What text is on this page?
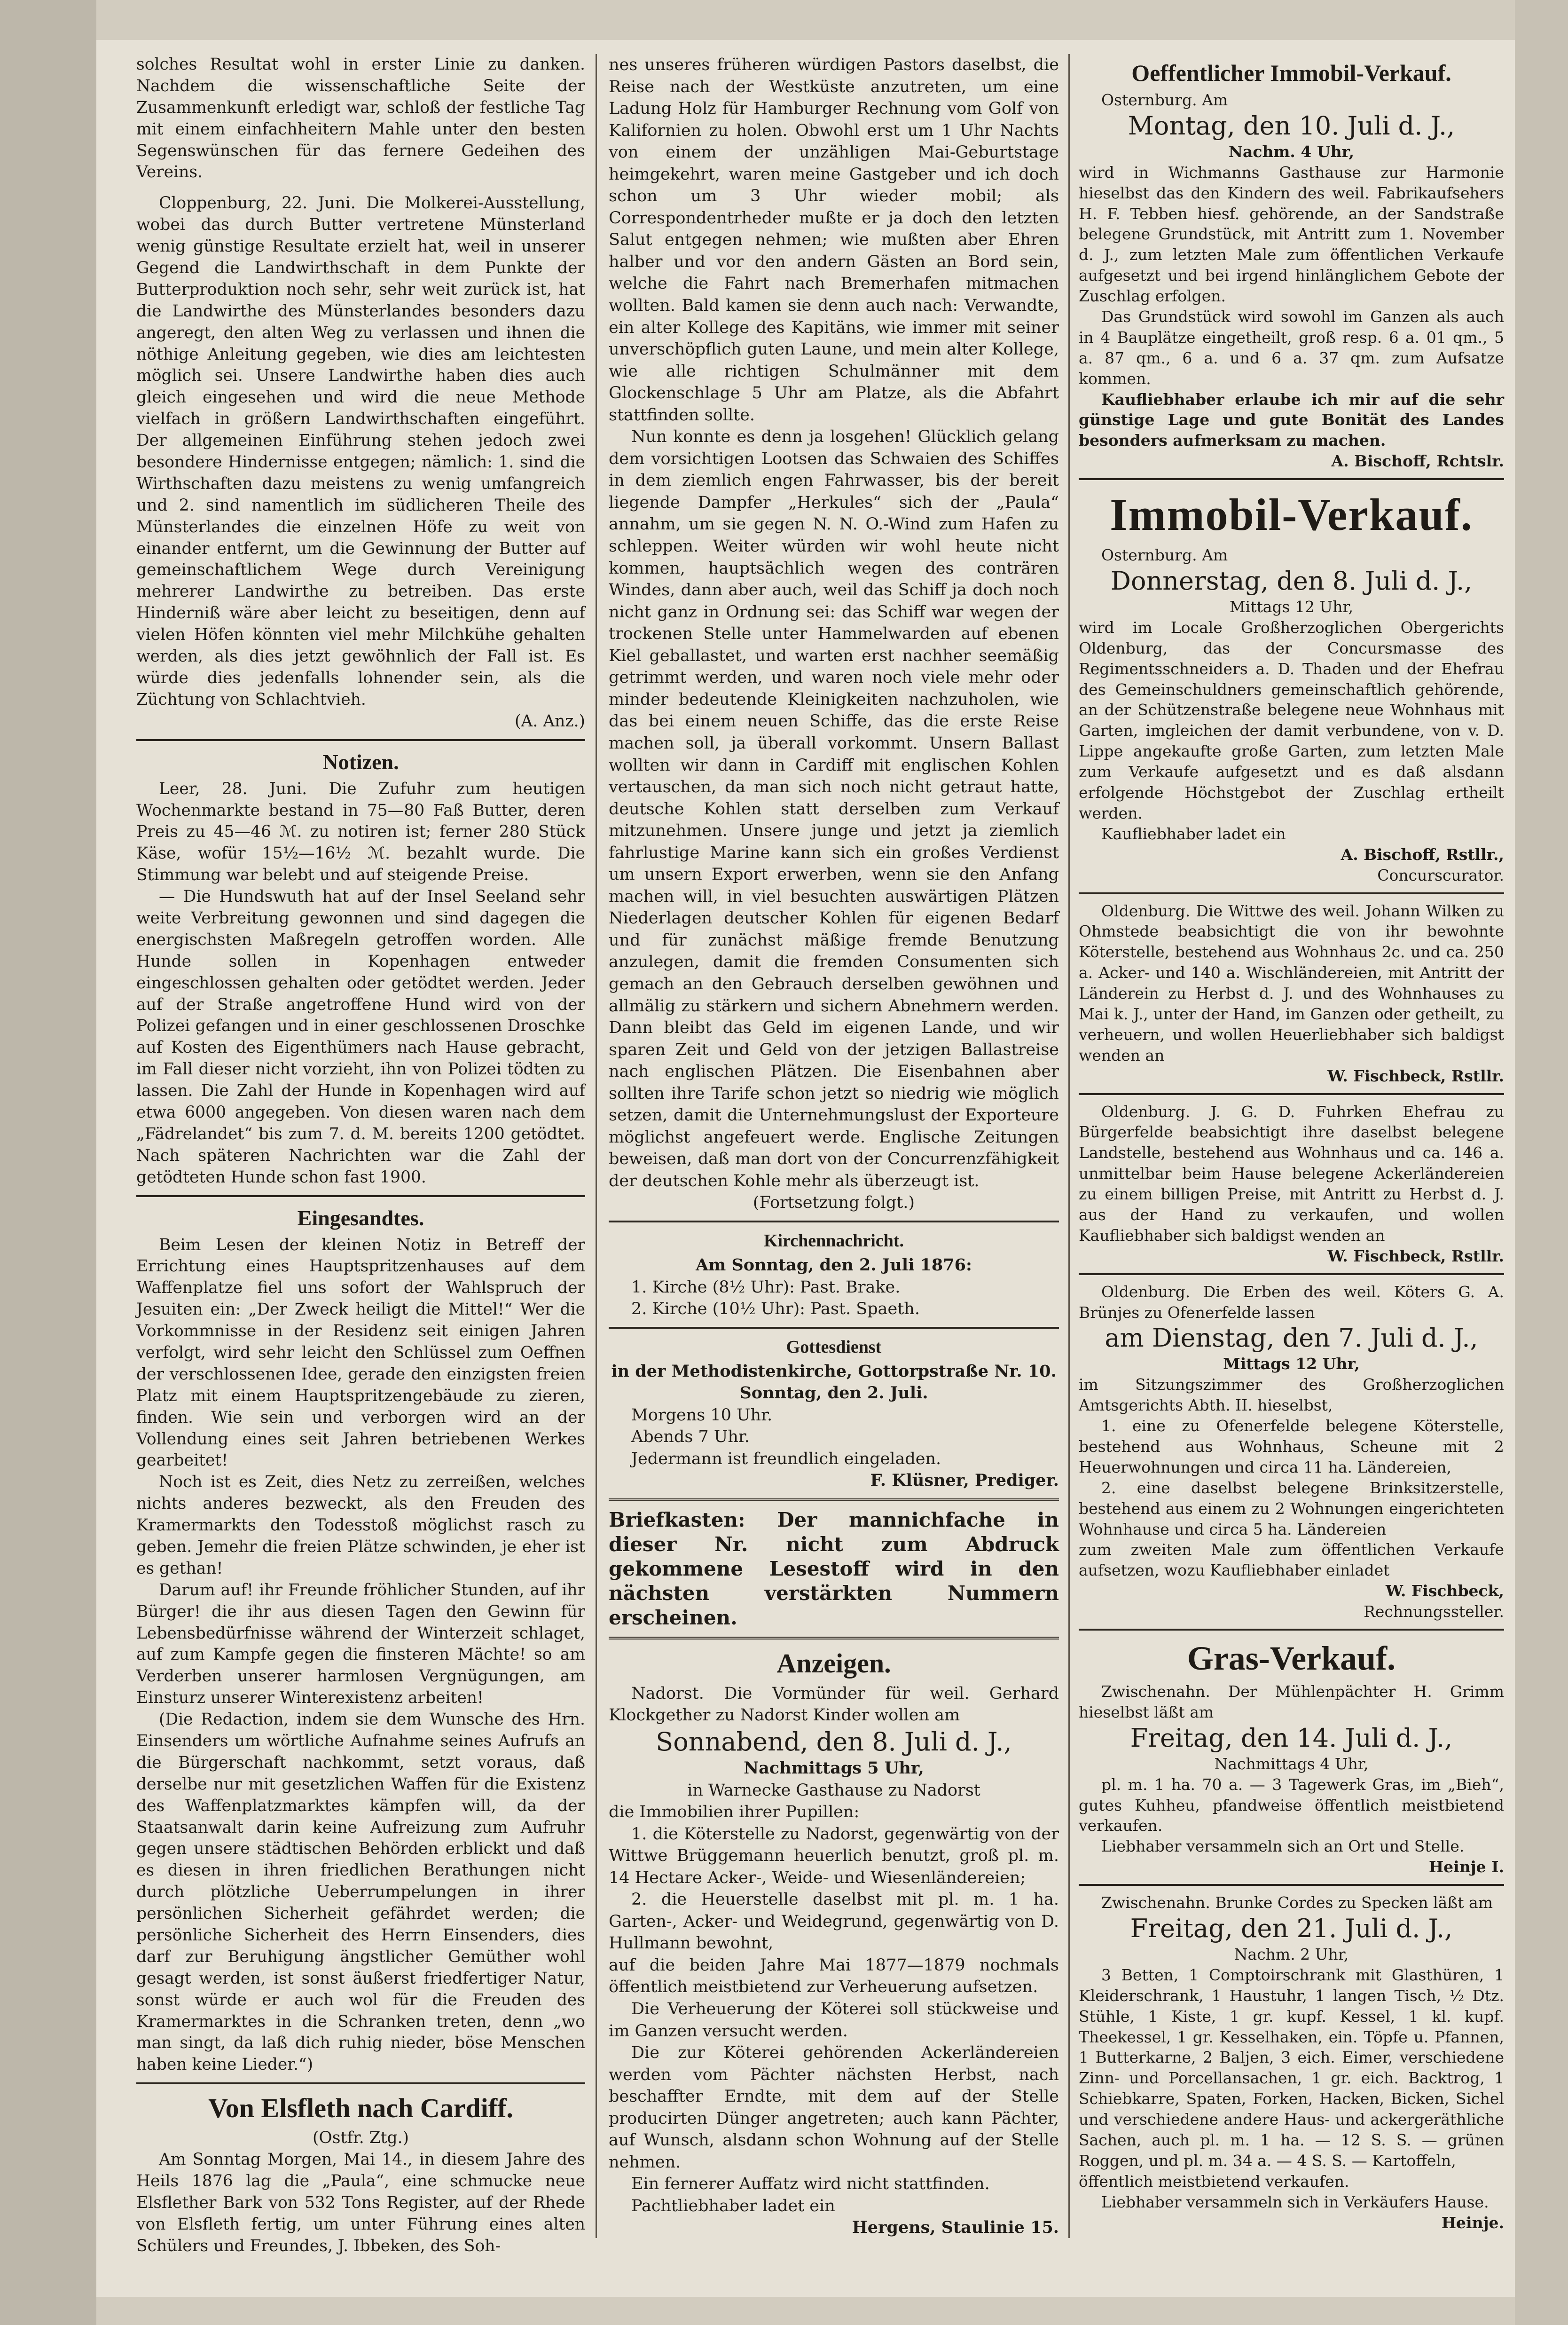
solches Resultat wohl in erster Linie zu danken. Nachdem die wissenschaftliche Seite der Zusammenkunft erledigt war, schloß der festliche Tag mit einem einfachheitern Mahle unter den besten Segenswünschen für das fernere Gedeihen des Vereins.

Cloppenburg, 22. Juni. Die Molkerei-Ausstellung, wobei das durch Butter vertretene Münsterland wenig günstige Resultate erzielt hat, weil in unserer Gegend die Landwirthschaft in dem Punkte der Butterproduktion noch sehr, sehr weit zurück ist, hat die Landwirthe des Münsterlandes besonders dazu angeregt, den alten Weg zu verlassen und ihnen die nöthige Anleitung gegeben, wie dies am leichtesten möglich sei. Unsere Landwirthe haben dies auch gleich eingesehen und wird die neue Methode vielfach in größern Landwirthschaften eingeführt. Der allgemeinen Einführung stehen jedoch zwei besondere Hindernisse entgegen; nämlich: 1. sind die Wirthschaften dazu meistens zu wenig umfangreich und 2. sind namentlich im südlicheren Theile des Münsterlandes die einzelnen Höfe zu weit von einander entfernt, um die Gewinnung der Butter auf gemeinschaftlichem Wege durch Vereinigung mehrerer Landwirthe zu betreiben. Das erste Hinderniß wäre aber leicht zu beseitigen, denn auf vielen Höfen könnten viel mehr Milchkühe gehalten werden, als dies jetzt gewöhnlich der Fall ist. Es würde dies jedenfalls lohnender sein, als die Züchtung von Schlachtvieh.

(A. Anz.)

Notizen.

Leer, 28. Juni. Die Zufuhr zum heutigen Wochenmarkte bestand in 75—80 Faß Butter, deren Preis zu 45—46 ℳ. zu notiren ist; ferner 280 Stück Käse, wofür 15½—16½ ℳ. bezahlt wurde. Die Stimmung war belebt und auf steigende Preise.

— Die Hundswuth hat auf der Insel Seeland sehr weite Verbreitung gewonnen und sind dagegen die energischsten Maßregeln getroffen worden. Alle Hunde sollen in Kopenhagen entweder eingeschlossen gehalten oder getödtet werden. Jeder auf der Straße angetroffene Hund wird von der Polizei gefangen und in einer geschlossenen Droschke auf Kosten des Eigenthümers nach Hause gebracht, im Fall dieser nicht vorzieht, ihn von Polizei tödten zu lassen. Die Zahl der Hunde in Kopenhagen wird auf etwa 6000 angegeben. Von diesen waren nach dem „Fädrelandet“ bis zum 7. d. M. bereits 1200 getödtet. Nach späteren Nachrichten war die Zahl der getödteten Hunde schon fast 1900.

Eingesandtes.

Beim Lesen der kleinen Notiz in Betreff der Errichtung eines Hauptspritzenhauses auf dem Waffenplatze fiel uns sofort der Wahlspruch der Jesuiten ein: „Der Zweck heiligt die Mittel!“ Wer die Vorkommnisse in der Residenz seit einigen Jahren verfolgt, wird sehr leicht den Schlüssel zum Oeffnen der verschlossenen Idee, gerade den einzigsten freien Platz mit einem Hauptspritzengebäude zu zieren, finden. Wie sein und verborgen wird an der Vollendung eines seit Jahren betriebenen Werkes gearbeitet!

Noch ist es Zeit, dies Netz zu zerreißen, welches nichts anderes bezweckt, als den Freuden des Kramermarkts den Todesstoß möglichst rasch zu geben. Jemehr die freien Plätze schwinden, je eher ist es gethan!

Darum auf! ihr Freunde fröhlicher Stunden, auf ihr Bürger! die ihr aus diesen Tagen den Gewinn für Lebensbedürfnisse während der Winterzeit schlaget, auf zum Kampfe gegen die finsteren Mächte! so am Verderben unserer harmlosen Vergnügungen, am Einsturz unserer Winterexistenz arbeiten!

(Die Redaction, indem sie dem Wunsche des Hrn. Einsenders um wörtliche Aufnahme seines Aufrufs an die Bürgerschaft nachkommt, setzt voraus, daß derselbe nur mit gesetzlichen Waffen für die Existenz des Waffenplatzmarktes kämpfen will, da der Staatsanwalt darin keine Aufreizung zum Aufruhr gegen unsere städtischen Behörden erblickt und daß es diesen in ihren friedlichen Berathungen nicht durch plötzliche Ueberrumpelungen in ihrer persönlichen Sicherheit gefährdet werden; die persönliche Sicherheit des Herrn Einsenders, dies darf zur Beruhigung ängstlicher Gemüther wohl gesagt werden, ist sonst äußerst friedfertiger Natur, sonst würde er auch wol für die Freuden des Kramermarktes in die Schranken treten, denn „wo man singt, da laß dich ruhig nieder, böse Menschen haben keine Lieder.“)

Von Elsfleth nach Cardiff.

(Ostfr. Ztg.)

Am Sonntag Morgen, Mai 14., in diesem Jahre des Heils 1876 lag die „Paula“, eine schmucke neue Elsflether Bark von 532 Tons Register, auf der Rhede von Elsfleth fertig, um unter Führung eines alten Schülers und Freundes, J. Ibbeken, des Soh-

nes unseres früheren würdigen Pastors daselbst, die Reise nach der Westküste anzutreten, um eine Ladung Holz für Hamburger Rechnung vom Golf von Kalifornien zu holen. Obwohl erst um 1 Uhr Nachts von einem der unzähligen Mai-Geburtstage heimgekehrt, waren meine Gastgeber und ich doch schon um 3 Uhr wieder mobil; als Correspondentrheder mußte er ja doch den letzten Salut entgegen nehmen; wie mußten aber Ehren halber und vor den andern Gästen an Bord sein, welche die Fahrt nach Bremerhafen mitmachen wollten. Bald kamen sie denn auch nach: Verwandte, ein alter Kollege des Kapitäns, wie immer mit seiner unverschöpflich guten Laune, und mein alter Kollege, wie alle richtigen Schulmänner mit dem Glockenschlage 5 Uhr am Platze, als die Abfahrt stattfinden sollte.

Nun konnte es denn ja losgehen! Glücklich gelang dem vorsichtigen Lootsen das Schwaien des Schiffes in dem ziemlich engen Fahrwasser, bis der bereit liegende Dampfer „Herkules“ sich der „Paula“ annahm, um sie gegen N. N. O.-Wind zum Hafen zu schleppen. Weiter würden wir wohl heute nicht kommen, hauptsächlich wegen des conträren Windes, dann aber auch, weil das Schiff ja doch noch nicht ganz in Ordnung sei: das Schiff war wegen der trockenen Stelle unter Hammelwarden auf ebenen Kiel geballastet, und warten erst nachher seemäßig getrimmt werden, und waren noch viele mehr oder minder bedeutende Kleinigkeiten nachzuholen, wie das bei einem neuen Schiffe, das die erste Reise machen soll, ja überall vorkommt. Unsern Ballast wollten wir dann in Cardiff mit englischen Kohlen vertauschen, da man sich noch nicht getraut hatte, deutsche Kohlen statt derselben zum Verkauf mitzunehmen. Unsere junge und jetzt ja ziemlich fahrlustige Marine kann sich ein großes Verdienst um unsern Export erwerben, wenn sie den Anfang machen will, in viel besuchten auswärtigen Plätzen Niederlagen deutscher Kohlen für eigenen Bedarf und für zunächst mäßige fremde Benutzung anzulegen, damit die fremden Consumenten sich gemach an den Gebrauch derselben gewöhnen und allmälig zu stärkern und sichern Abnehmern werden. Dann bleibt das Geld im eigenen Lande, und wir sparen Zeit und Geld von der jetzigen Ballastreise nach englischen Plätzen. Die Eisenbahnen aber sollten ihre Tarife schon jetzt so niedrig wie möglich setzen, damit die Unternehmungslust der Exporteure möglichst angefeuert werde. Englische Zeitungen beweisen, daß man dort von der Concurrenzfähigkeit der deutschen Kohle mehr als überzeugt ist.

(Fortsetzung folgt.)

Kirchennachricht.

Am Sonntag, den 2. Juli 1876:

1. Kirche (8½ Uhr): Past. Brake.

2. Kirche (10½ Uhr): Past. Spaeth.

Gottesdienst

in der Methodistenkirche, Gottorpstraße Nr. 10.

Sonntag, den 2. Juli.

Morgens 10 Uhr.

Abends 7 Uhr.

Jedermann ist freundlich eingeladen.

F. Klüsner, Prediger.

Briefkasten: Der mannichfache in dieser Nr. nicht zum Abdruck gekommene Lesestoff wird in den nächsten verstärkten Nummern erscheinen.

Anzeigen.

Nadorst. Die Vormünder für weil. Gerhard Klockgether zu Nadorst Kinder wollen am

Sonnabend, den 8. Juli d. J.,

Nachmittags 5 Uhr,

in Warnecke Gasthause zu Nadorst

die Immobilien ihrer Pupillen:

1. die Köterstelle zu Nadorst, gegenwärtig von der Wittwe Brüggemann heuerlich benutzt, groß pl. m. 14 Hectare Acker-, Weide- und Wiesenländereien;

2. die Heuerstelle daselbst mit pl. m. 1 ha. Garten-, Acker- und Weidegrund, gegenwärtig von D. Hullmann bewohnt,

auf die beiden Jahre Mai 1877—1879 nochmals öffentlich meistbietend zur Verheuerung aufsetzen.

Die Verheuerung der Köterei soll stückweise und im Ganzen versucht werden.

Die zur Köterei gehörenden Ackerländereien werden vom Pächter nächsten Herbst, nach beschaffter Erndte, mit dem auf der Stelle producirten Dünger angetreten; auch kann Pächter, auf Wunsch, alsdann schon Wohnung auf der Stelle nehmen.

Ein fernerer Auffatz wird nicht stattfinden.

Pachtliebhaber ladet ein

Hergens, Staulinie 15.

Oeffentlicher Immobil-Verkauf.

Osternburg. Am

Montag, den 10. Juli d. J.,

Nachm. 4 Uhr,

wird in Wichmanns Gasthause zur Harmonie hieselbst das den Kindern des weil. Fabrikaufsehers H. F. Tebben hiesf. gehörende, an der Sandstraße belegene Grundstück, mit Antritt zum 1. November d. J., zum letzten Male zum öffentlichen Verkaufe aufgesetzt und bei irgend hinlänglichem Gebote der Zuschlag erfolgen.

Das Grundstück wird sowohl im Ganzen als auch in 4 Bauplätze eingetheilt, groß resp. 6 a. 01 qm., 5 a. 87 qm., 6 a. und 6 a. 37 qm. zum Aufsatze kommen.

Kaufliebhaber erlaube ich mir auf die sehr günstige Lage und gute Bonität des Landes besonders aufmerksam zu machen.

A. Bischoff, Rchtslr.

Immobil-Verkauf.

Osternburg. Am

Donnerstag, den 8. Juli d. J.,

Mittags 12 Uhr,

wird im Locale Großherzoglichen Obergerichts Oldenburg, das der Concursmasse des Regimentsschneiders a. D. Thaden und der Ehefrau des Gemeinschuldners gemeinschaftlich gehörende, an der Schützenstraße belegene neue Wohnhaus mit Garten, imgleichen der damit verbundene, von v. D. Lippe angekaufte große Garten, zum letzten Male zum Verkaufe aufgesetzt und es daß alsdann erfolgende Höchstgebot der Zuschlag ertheilt werden.

Kaufliebhaber ladet ein

A. Bischoff, Rstllr.,

Concurscurator.

Oldenburg. Die Wittwe des weil. Johann Wilken zu Ohmstede beabsichtigt die von ihr bewohnte Köterstelle, bestehend aus Wohnhaus 2c. und ca. 250 a. Acker- und 140 a. Wischländereien, mit Antritt der Länderein zu Herbst d. J. und des Wohnhauses zu Mai k. J., unter der Hand, im Ganzen oder getheilt, zu verheuern, und wollen Heuerliebhaber sich baldigst wenden an

W. Fischbeck, Rstllr.

Oldenburg. J. G. D. Fuhrken Ehefrau zu Bürgerfelde beabsichtigt ihre daselbst belegene Landstelle, bestehend aus Wohnhaus und ca. 146 a. unmittelbar beim Hause belegene Ackerländereien zu einem billigen Preise, mit Antritt zu Herbst d. J. aus der Hand zu verkaufen, und wollen Kaufliebhaber sich baldigst wenden an

W. Fischbeck, Rstllr.

Oldenburg. Die Erben des weil. Köters G. A. Brünjes zu Ofenerfelde lassen

am Dienstag, den 7. Juli d. J.,

Mittags 12 Uhr,

im Sitzungszimmer des Großherzoglichen Amtsgerichts Abth. II. hieselbst,

1. eine zu Ofenerfelde belegene Köterstelle, bestehend aus Wohnhaus, Scheune mit 2 Heuerwohnungen und circa 11 ha. Ländereien,

2. eine daselbst belegene Brinksitzerstelle, bestehend aus einem zu 2 Wohnungen eingerichteten Wohnhause und circa 5 ha. Ländereien

zum zweiten Male zum öffentlichen Verkaufe aufsetzen, wozu Kaufliebhaber einladet

W. Fischbeck,

Rechnungssteller.

Gras-Verkauf.

Zwischenahn. Der Mühlenpächter H. Grimm hieselbst läßt am

Freitag, den 14. Juli d. J.,

Nachmittags 4 Uhr,

pl. m. 1 ha. 70 a. — 3 Tagewerk Gras, im „Bieh“, gutes Kuhheu, pfandweise öffentlich meistbietend verkaufen.

Liebhaber versammeln sich an Ort und Stelle.

Heinje I.

Zwischenahn. Brunke Cordes zu Specken läßt am

Freitag, den 21. Juli d. J.,

Nachm. 2 Uhr,

3 Betten, 1 Comptoirschrank mit Glasthüren, 1 Kleiderschrank, 1 Haustuhr, 1 langen Tisch, ½ Dtz. Stühle, 1 Kiste, 1 gr. kupf. Kessel, 1 kl. kupf. Theekessel, 1 gr. Kesselhaken, ein. Töpfe u. Pfannen, 1 Butterkarne, 2 Baljen, 3 eich. Eimer, verschiedene Zinn- und Porcellansachen, 1 gr. eich. Backtrog, 1 Schiebkarre, Spaten, Forken, Hacken, Bicken, Sichel und verschiedene andere Haus- und ackergeräthliche Sachen, auch pl. m. 1 ha. — 12 S. S. — grünen Roggen, und pl. m. 34 a. — 4 S. S. — Kartoffeln,

öffentlich meistbietend verkaufen.

Liebhaber versammeln sich in Verkäufers Hause.

Heinje.
